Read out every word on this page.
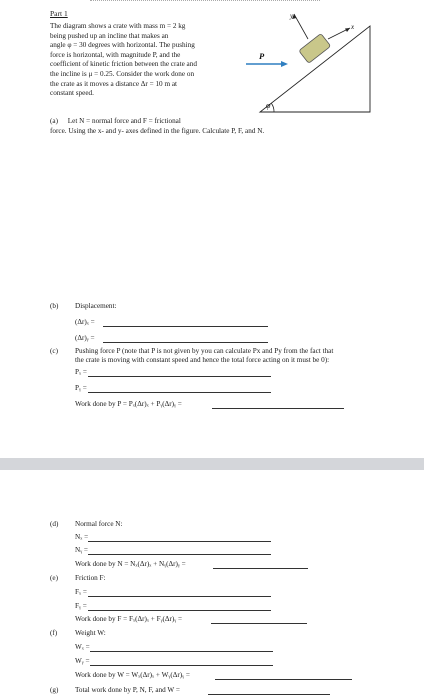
Part 1
The diagram shows a crate with mass m = 2 kg
being pushed up an incline that makes an
angle φ = 30 degrees with horizontal. The pushing
force is horizontal, with magnitude P, and the
coefficient of kinetic friction between the crate and
the incline is μ = 0.25. Consider the work done on
the crate as it moves a distance Δr = 10 m at
constant speed.
φ
y
x
P
(a) Let N = normal force and F = frictional
force. Using the x- and y- axes defined in the figure. Calculate P, F, and N.
(b) Displacement:
(Δr)ₓ =
(Δr)ᵧ =
(c) Pushing force P (note that P is not given by you can calculate Px and Py from the fact that
the crate is moving with constant speed and hence the total force acting on it must be 0):
Pₓ =
Pᵧ =
Work done by P = Pₓ(Δr)ₓ + Pᵧ(Δr)ᵧ =
(d) Normal force N:
Nₓ =
Nᵧ =
Work done by N = Nₓ(Δr)ₓ + Nᵧ(Δr)ᵧ =
(e) Friction F:
Fₓ =
Fᵧ =
Work done by F = Fₓ(Δr)ₓ + Fᵧ(Δr)ᵧ =
(f) Weight W:
Wₓ =
Wᵧ =
Work done by W = Wₓ(Δr)ₓ + Wᵧ(Δr)ᵧ =
(g) Total work done by P, N, F, and W =
